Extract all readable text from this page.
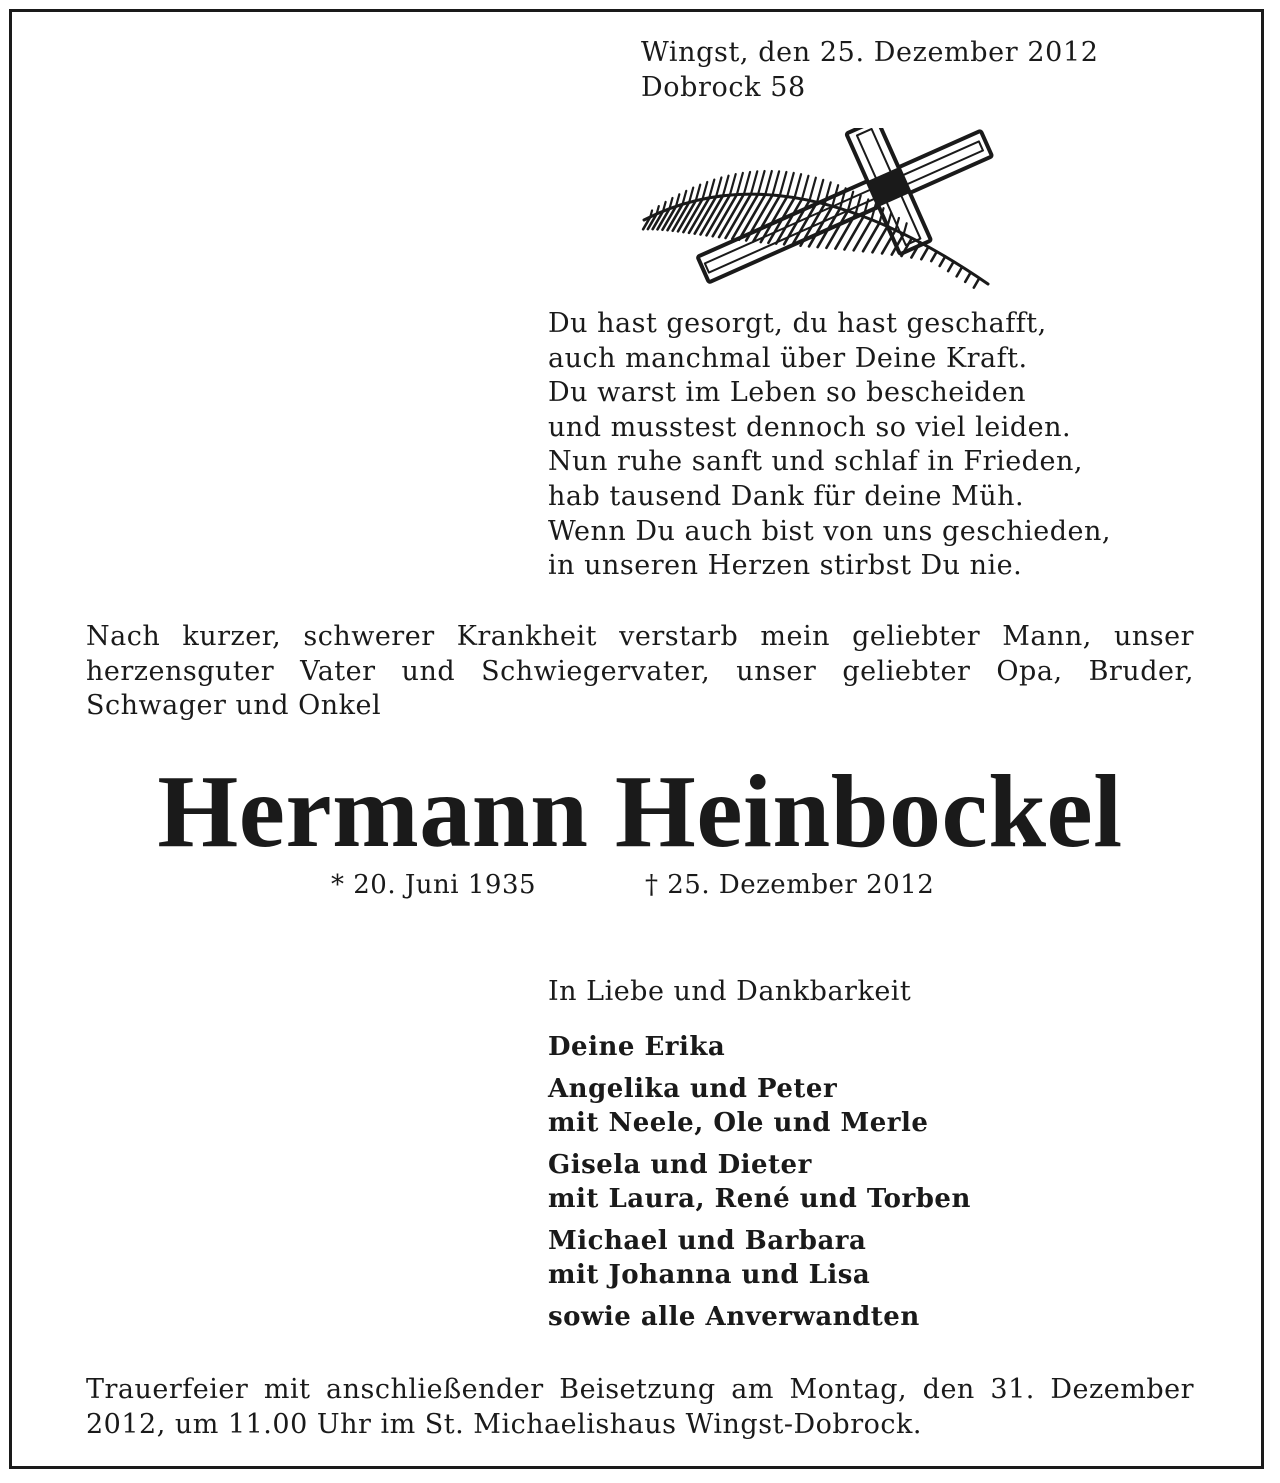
Wingst, den 25. Dezember 2012
Dobrock 58
Du hast gesorgt, du hast geschafft,
auch manchmal über Deine Kraft.
Du warst im Leben so bescheiden
und musstest dennoch so viel leiden.
Nun ruhe sanft und schlaf in Frieden,
hab tausend Dank für deine Müh.
Wenn Du auch bist von uns geschieden,
in unseren Herzen stirbst Du nie.
Nach kurzer, schwerer Krankheit verstarb mein geliebter Mann, unser herzensguter Vater und Schwiegervater, unser geliebter Opa, Bruder, Schwager und Onkel
Hermann Heinbockel
* 20. Juni 1935	† 25. Dezember 2012
In Liebe und Dankbarkeit
Deine Erika
Angelika und Peter
mit Neele, Ole und Merle
Gisela und Dieter
mit Laura, René und Torben
Michael und Barbara
mit Johanna und Lisa
sowie alle Anverwandten
Trauerfeier mit anschließender Beisetzung am Montag, den 31. Dezember 2012, um 11.00 Uhr im St. Michaelishaus Wingst-Dobrock.
